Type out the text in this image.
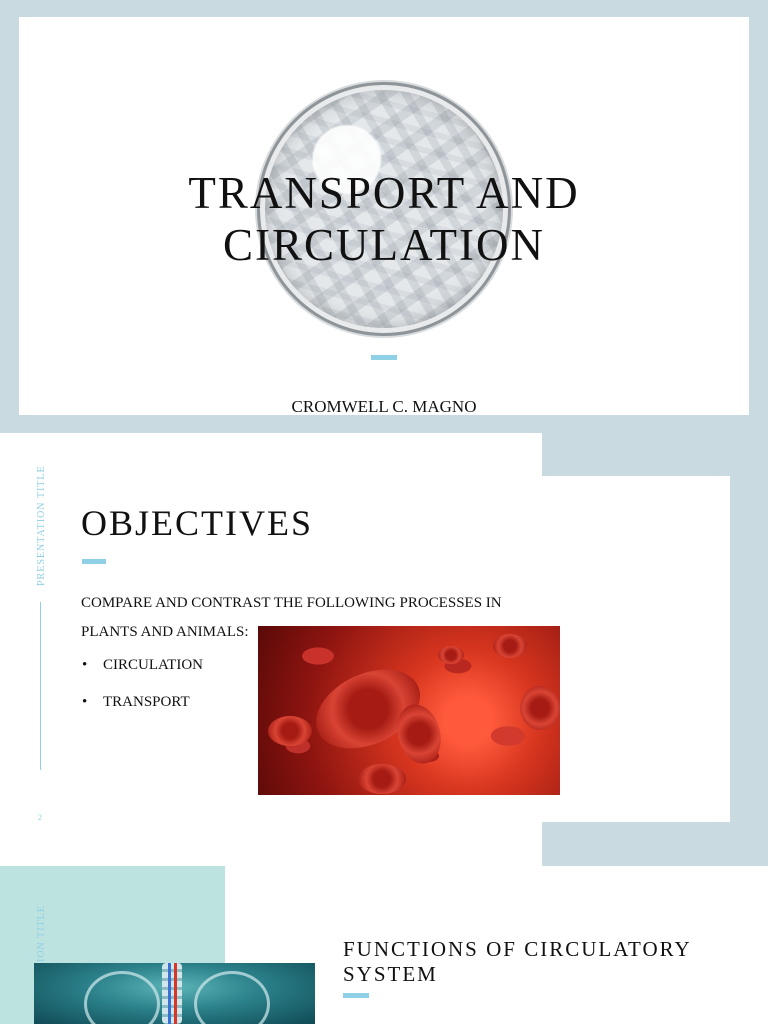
TRANSPORT AND
CIRCULATION
CROMWELL C. MAGNO
PRESENTATION TITLE
2
OBJECTIVES
COMPARE AND CONTRAST THE FOLLOWING PROCESSES IN PLANTS AND ANIMALS:
• CIRCULATION
• TRANSPORT
ION TITLE	FUNCTIONS OF CIRCULATORY SYSTEM
